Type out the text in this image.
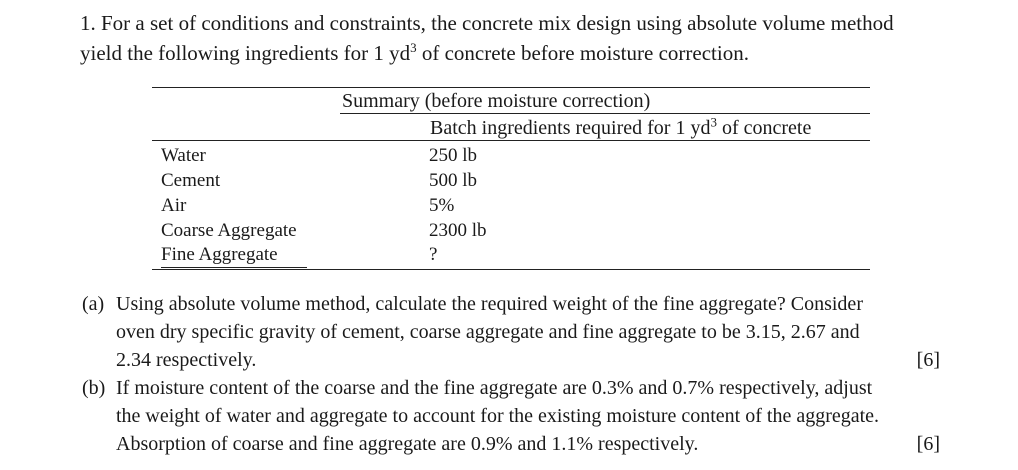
1. For a set of conditions and constraints, the concrete mix design using absolute volume method
yield the following ingredients for 1 $yd^3$ of concrete before moisture correction.
Summary (before moisture correction)
Batch ingredients required for 1 $yd^3$ of concrete
Water	250 lb
Cement	500 lb
Air	5%
Coarse Aggregate	2300 lb
Fine Aggregate	?
(a) Using absolute volume method, calculate the required weight of the fine aggregate? Consider
oven dry specific gravity of cement, coarse aggregate and fine aggregate to be 3.15, 2.67 and
2.34 respectively.	[6]
(b) If moisture content of the coarse and the fine aggregate are 0.3% and 0.7% respectively, adjust
the weight of water and aggregate to account for the existing moisture content of the aggregate.
Absorption of coarse and fine aggregate are 0.9% and 1.1% respectively.	[6]
